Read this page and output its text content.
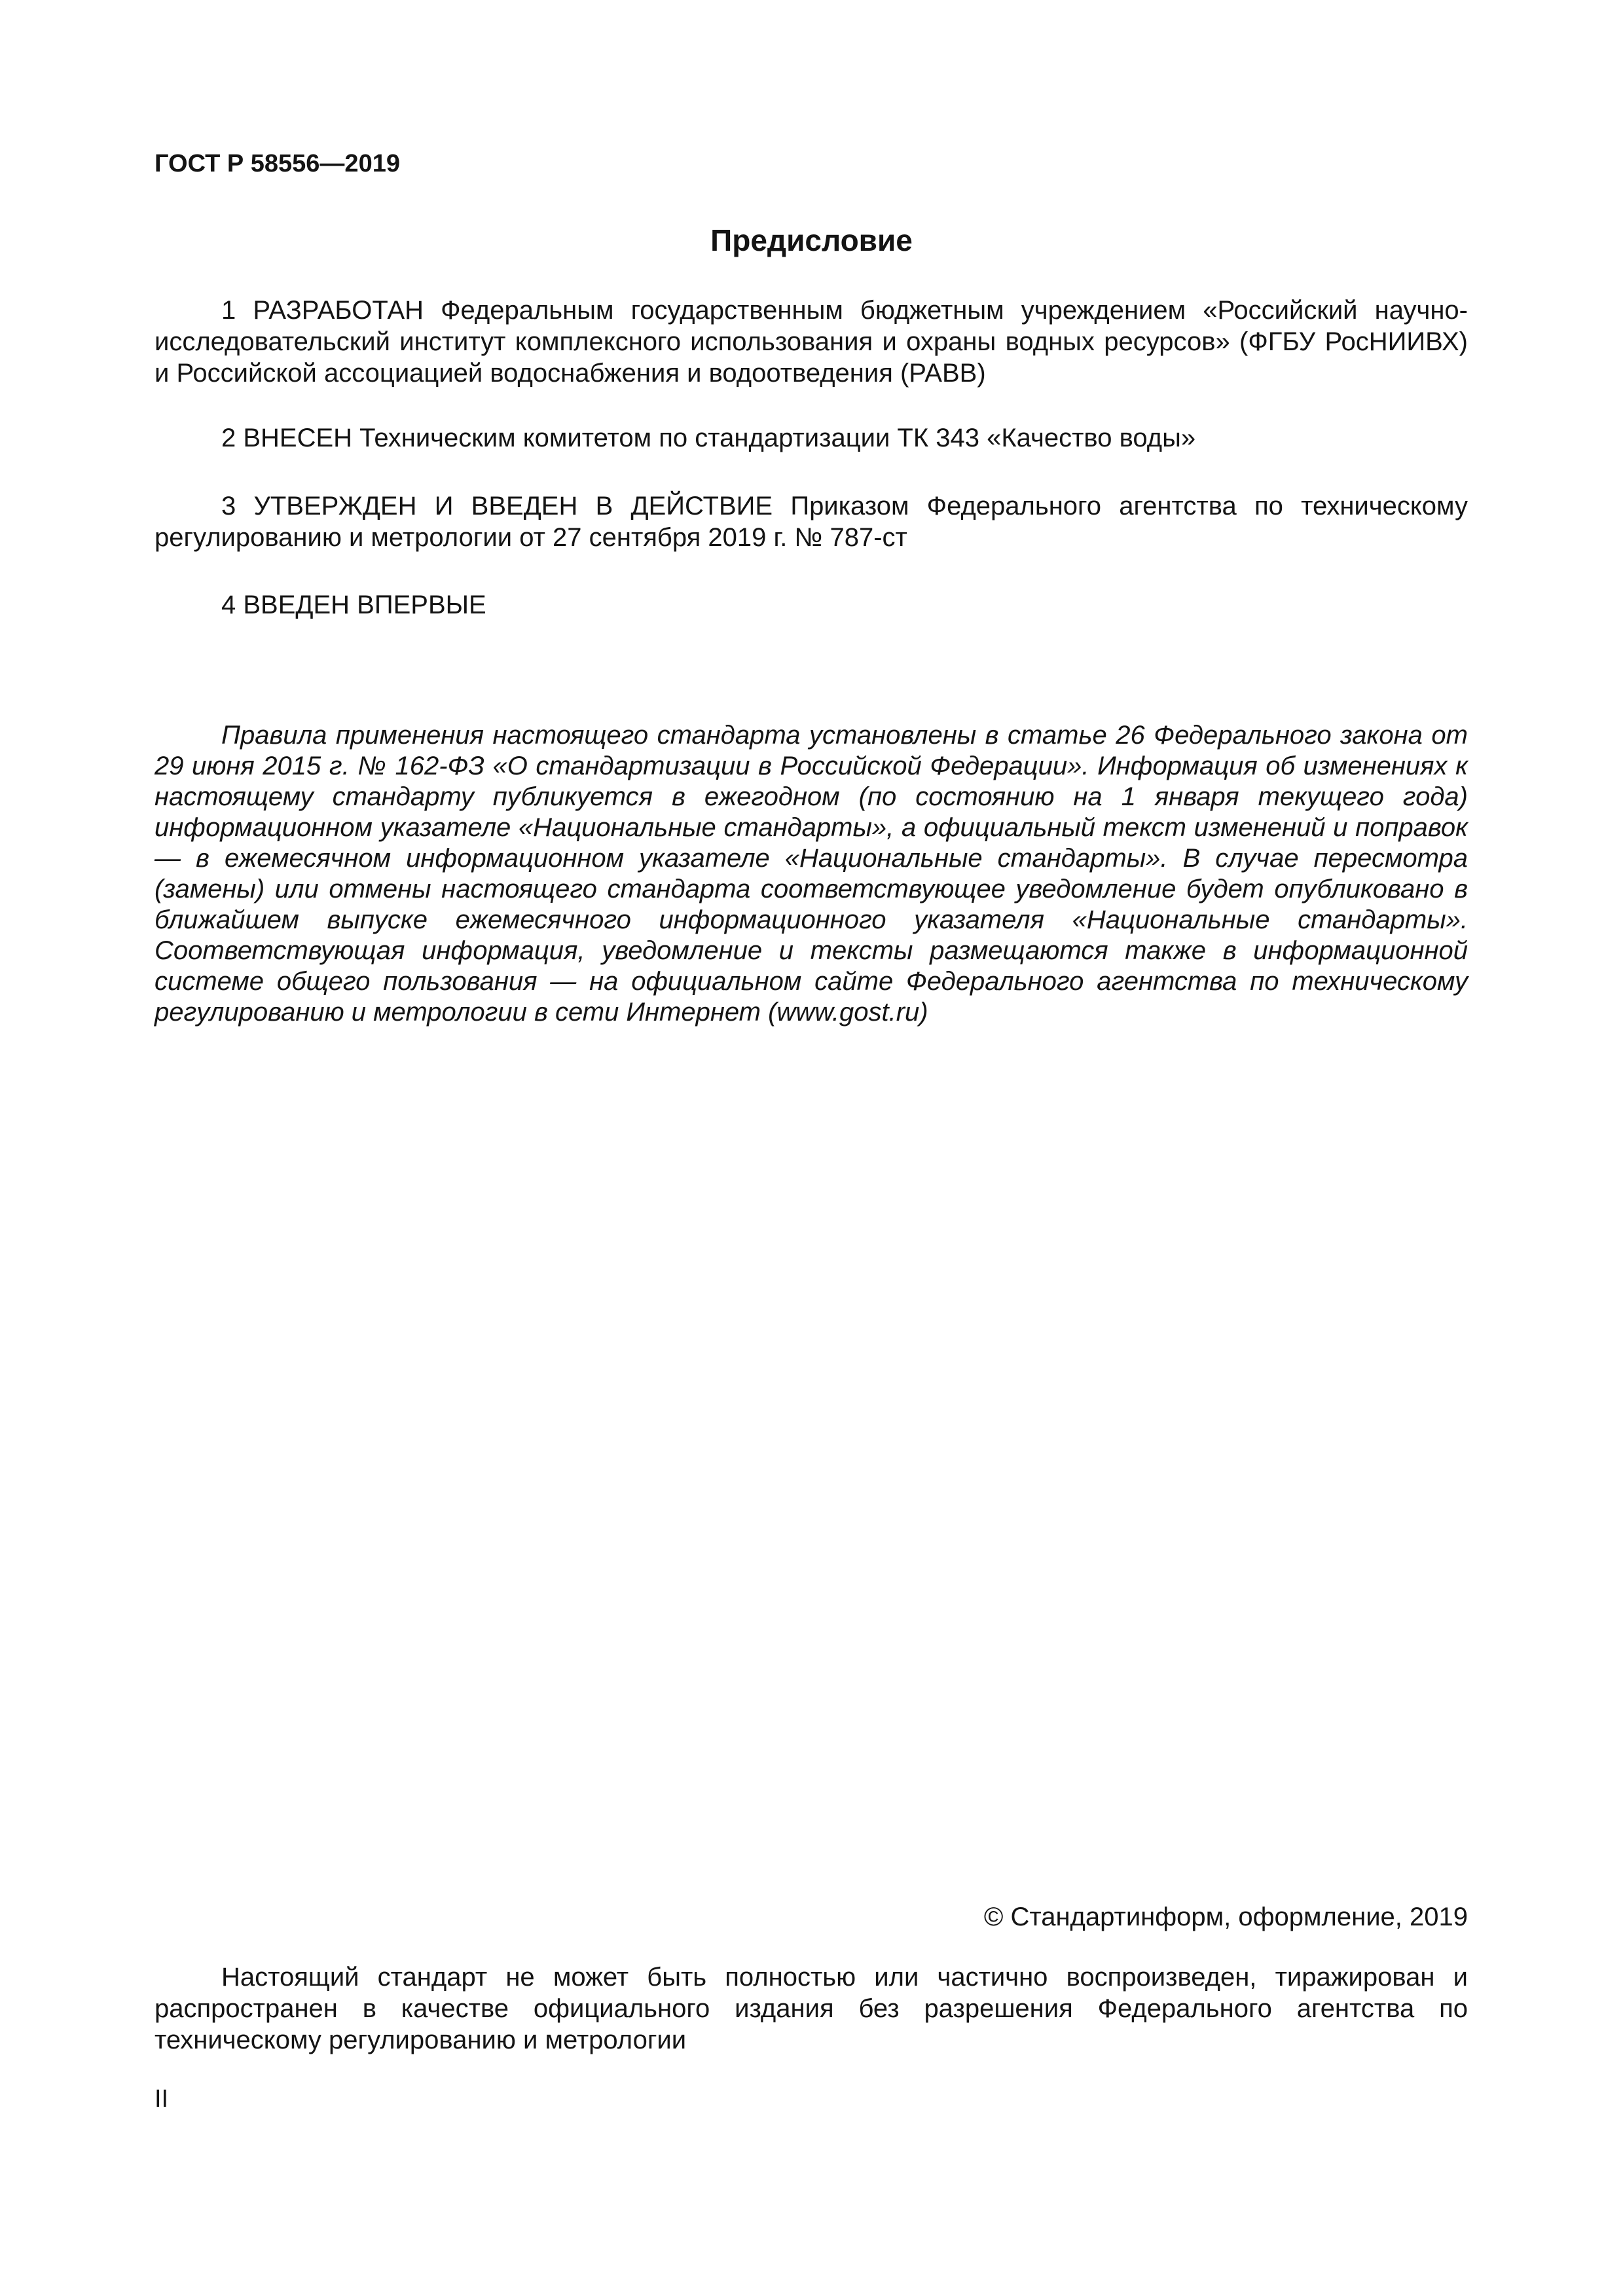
ГОСТ Р 58556—2019
Предисловие

1 РАЗРАБОТАН Федеральным государственным бюджетным учреждением «Российский научно-исследовательский институт комплексного использования и охраны водных ресурсов» (ФГБУ РосНИИВХ) и Российской ассоциацией водоснабжения и водоотведения (РАВВ)

2 ВНЕСЕН Техническим комитетом по стандартизации ТК 343 «Качество воды»

3 УТВЕРЖДЕН И ВВЕДЕН В ДЕЙСТВИЕ Приказом Федерального агентства по техническому регулированию и метрологии от 27 сентября 2019 г. № 787-ст

4 ВВЕДЕН ВПЕРВЫЕ

Правила применения настоящего стандарта установлены в статье 26 Федерального закона от 29 июня 2015 г. № 162-ФЗ «О стандартизации в Российской Федерации». Информация об изменениях к настоящему стандарту публикуется в ежегодном (по состоянию на 1 января текущего года) информационном указателе «Национальные стандарты», а официальный текст изменений и поправок — в ежемесячном информационном указателе «Национальные стандарты». В случае пересмотра (замены) или отмены настоящего стандарта соответствующее уведомление будет опубликовано в ближайшем выпуске ежемесячного информационного указателя «Национальные стандарты». Соответствующая информация, уведомление и тексты размещаются также в информационной системе общего пользования — на официальном сайте Федерального агентства по техническому регулированию и метрологии в сети Интернет (www.gost.ru)

© Стандартинформ, оформление, 2019

Настоящий стандарт не может быть полностью или частично воспроизведен, тиражирован и распространен в качестве официального издания без разрешения Федерального агентства по техническому регулированию и метрологии

II
